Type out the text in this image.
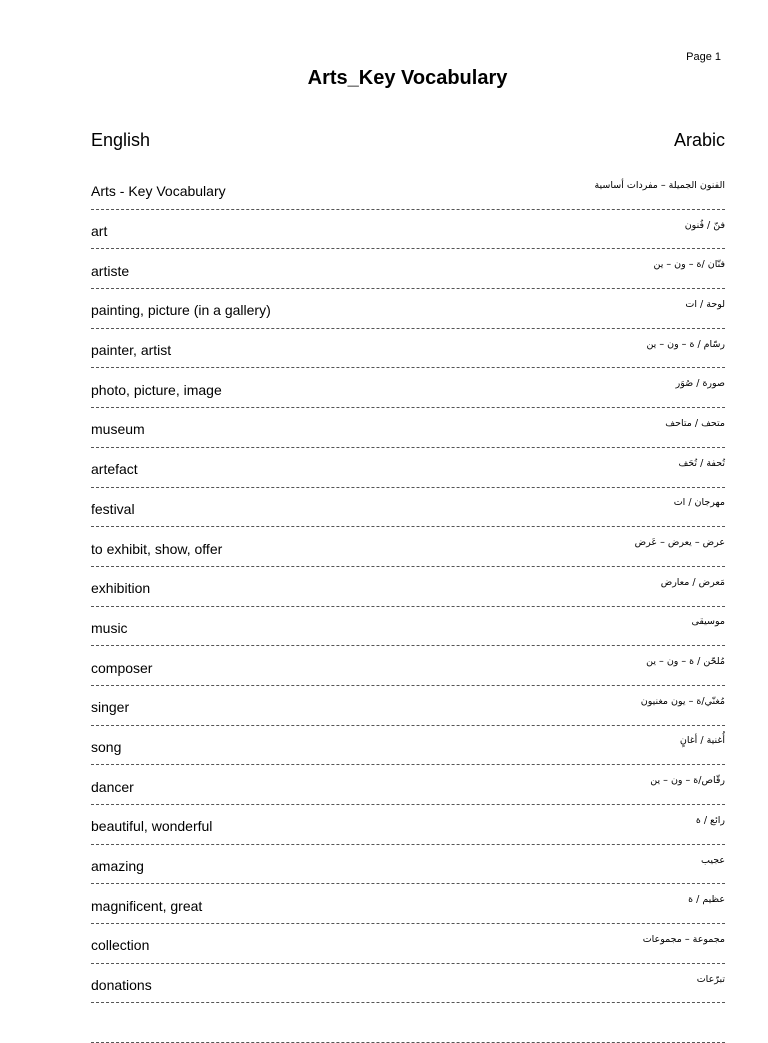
Page 1
Arts_Key Vocabulary
English	Arabic
Arts - Key Vocabulary	الفنون الجميلة – مفردات أساسية
art	فنّ / فُنون
artiste	فنّان /ة – ون – ين
painting, picture (in a gallery)	لوحة / ات
painter, artist	رسّام / ة – ون – ين
photo, picture, image	صورة / صُوَر
museum	متحف / متاحف
artefact	تُحفة / تُحَف
festival	مهرجان / ات
to exhibit, show, offer	عرض – يعرض – عَرض
exhibition	مَعرض / معارض
music	موسيقى
composer	مُلحّن / ة – ون – ين
singer	مُغنّي/ة – يون مغنيون
song	أُغنية / أغانٍ
dancer	رقّاص/ة – ون – ين
beautiful, wonderful	رائع / ة
amazing	عجيب
magnificent, great	عظيم / ة
collection	مجموعة – مجموعات
donations	تبرّعات
